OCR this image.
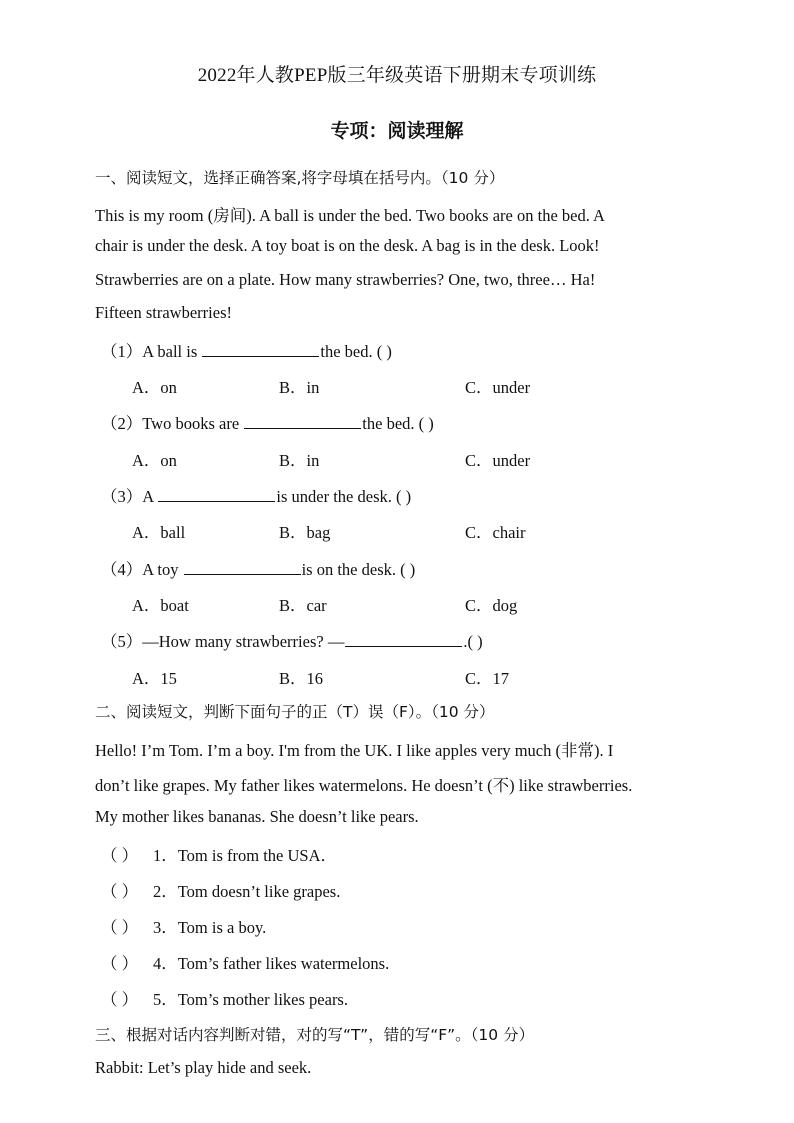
2022年人教PEP版三年级英语下册期末专项训练
专项：阅读理解
一、阅读短文，选择正确答案,将字母填在括号内。（10 分）
This is my room (房间). A ball is under the bed. Two books are on the bed. A
chair is under the desk. A toy boat is on the desk. A bag is in the desk. Look!
Strawberries are on a plate. How many strawberries? One, two, three… Ha!
Fifteen strawberries!
（1）A ball is	the bed. ( )
A．on	B．in	C．under
（2）Two books are	the bed. ( )
A．on	B．in	C．under
（3）A	is under the desk. ( )
A．ball	B．bag	C．chair
（4）A toy	is on the desk. ( )
A．boat	B．car	C．dog
（5）—How many strawberries? —	.( )
A．15	B．16	C．17
二、阅读短文，判断下面句子的正（T）误（F）。（10 分）
Hello! I’m Tom. I’m a boy. I'm from the UK. I like apples very much (非常). I
don’t like grapes. My father likes watermelons. He doesn’t (不) like strawberries.
My mother likes bananas. She doesn’t like pears.
（ ） 1．Tom is from the USA．
（ ） 2．Tom doesn’t like grapes.
（ ） 3．Tom is a boy.
（ ） 4．Tom’s father likes watermelons.
（ ） 5．Tom’s mother likes pears.
三、根据对话内容判断对错，对的写“T”，错的写“F”。（10 分）
Rabbit: Let’s play hide and seek.
